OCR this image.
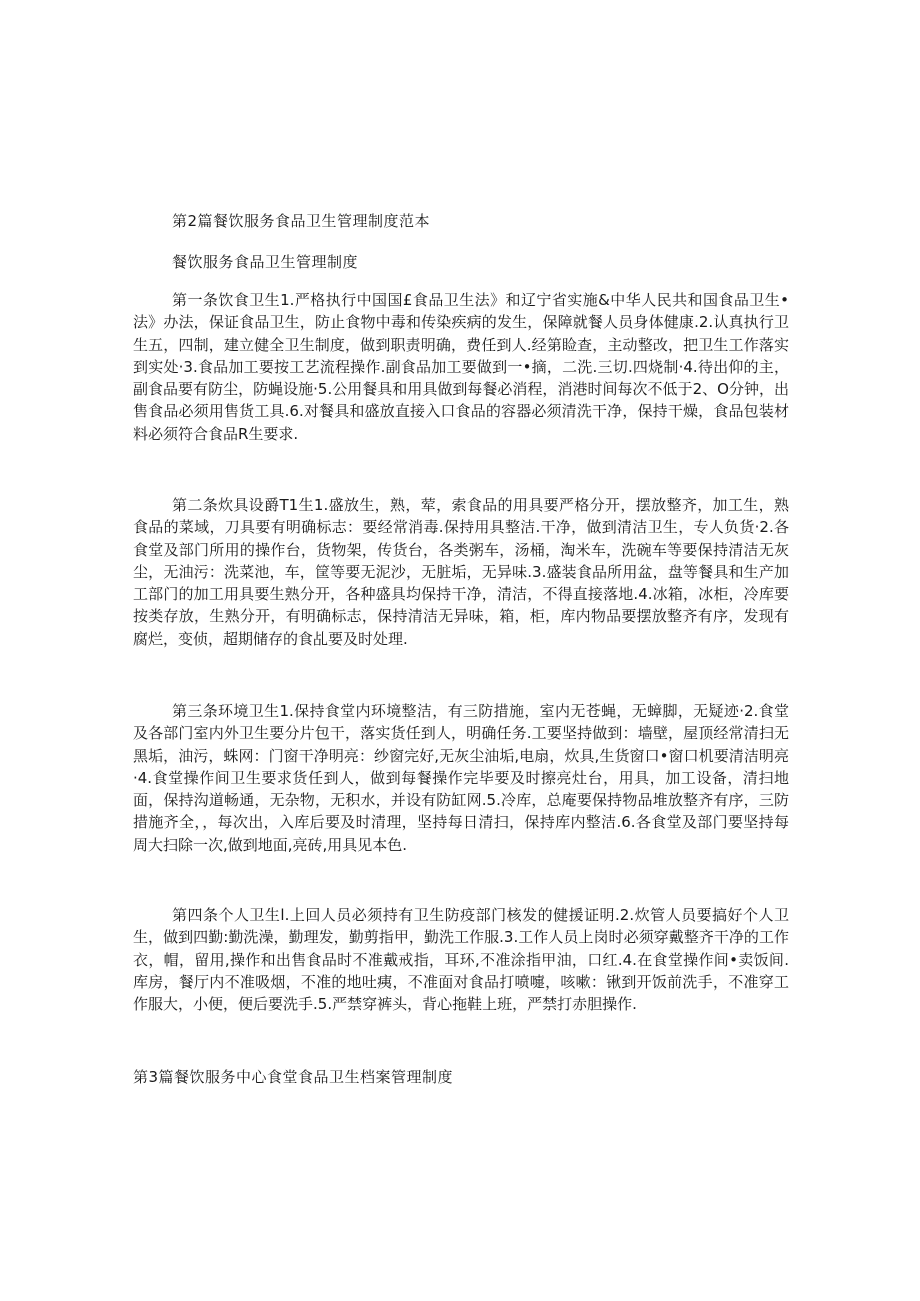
第2篇餐饮服务食品卫生管理制度范本
餐饮服务食品卫生管理制度

第一条饮食卫生1.严格执行中国国£食品卫生法》和辽宁省实施&中华人民共和国食品卫生•法》办法，保证食品卫生，防止食物中毒和传染疾病的发生，保障就餐人员身体健康.2.认真执行卫生五，四制，建立健全卫生制度，做到职责明确，费任到人.经第睑查，主动整改，把卫生工作落实到实处·3.食品加工要按工艺流程操作.副食品加工要做到一•摘，二洗.三切.四烧制·4.待出仰的主，副食品要有防尘，防蝇设施·5.公用餐具和用具做到每餐必消程，消港时间每次不低于2、O分钟，出售食品必须用售货工具.6.对餐具和盛放直接入口食品的容器必须清洗干净，保持干燥，食品包装材料必须符合食品R生要求.

第二条炊具设爵T1生1.盛放生，熟，荤，索食品的用具要严格分开，摆放整齐，加工生，熟食品的菜域，刀具要有明确标志：要经常消毒.保持用具整洁.干净，做到清洁卫生，专人负货·2.各食堂及部门所用的操作台，货物架，传货台，各类粥车，汤桶，淘米车，洗碗车等要保持清洁无灰尘，无油污：洗菜池，车，筐等要无泥沙，无脏垢，无异味.3.盛装食品所用盆，盘等餐具和生产加工部门的加工用具要生熟分开，各种盛具均保持干净，清洁，不得直接落地.4.冰箱，冰柜，冷库要按类存放，生熟分开，有明确标志，保持清洁无异味，箱，柜，库内物品要摆放整齐有序，发现有腐烂，变侦，超期储存的食乩要及时处理.

第三条环境卫生1.保持食堂内环境整洁，有三防措施，室内无苍蝇，无蟑脚，无疑迹·2.食堂及各部门室内外卫生要分片包干，落实货任到人，明确任务.工要坚持做到：墙壁，屋顶经常清扫无黑垢，油污，蛛网：门窗干净明亮：纱窗完好,无灰尘油垢,电扇，炊具,生货窗口•窗口机要清洁明亮·4.食堂操作间卫生要求货任到人，做到每餐操作完毕要及时擦亮灶台，用具，加工设备，清扫地面，保持沟道畅通，无杂物，无积水，并设有防缸网.5.冷库，总庵要保持物品堆放整齐有序，三防措施齐全，，每次出，入库后要及时清理，坚持每日清扫，保持库内整洁.6.各食堂及部门要坚持每周大扫除一次,做到地面,亮砖,用具见本色.

第四条个人卫生l.上回人员必须持有卫生防疫部门核发的健援证明.2.炊管人员要搞好个人卫生，做到四勤:勤洗澡，勤理发，勤剪指甲，勤洗工作服.3.工作人员上岗时必须穿戴整齐干净的工作衣，帽，留用,操作和出售食品时不准戴戒指，耳环,不准涂指甲油，口红.4.在食堂操作间•卖饭间.库房，餐厅内不准吸烟，不准的地吐痍，不准面对食品打喷嚏，咳嗽：锹到开饭前洗手，不准穿工作服大，小便，便后要洗手.5.严禁穿裤头，背心拖鞋上班，严禁打赤胆操作.

第3篇餐饮服务中心食堂食品卫生档案管理制度
